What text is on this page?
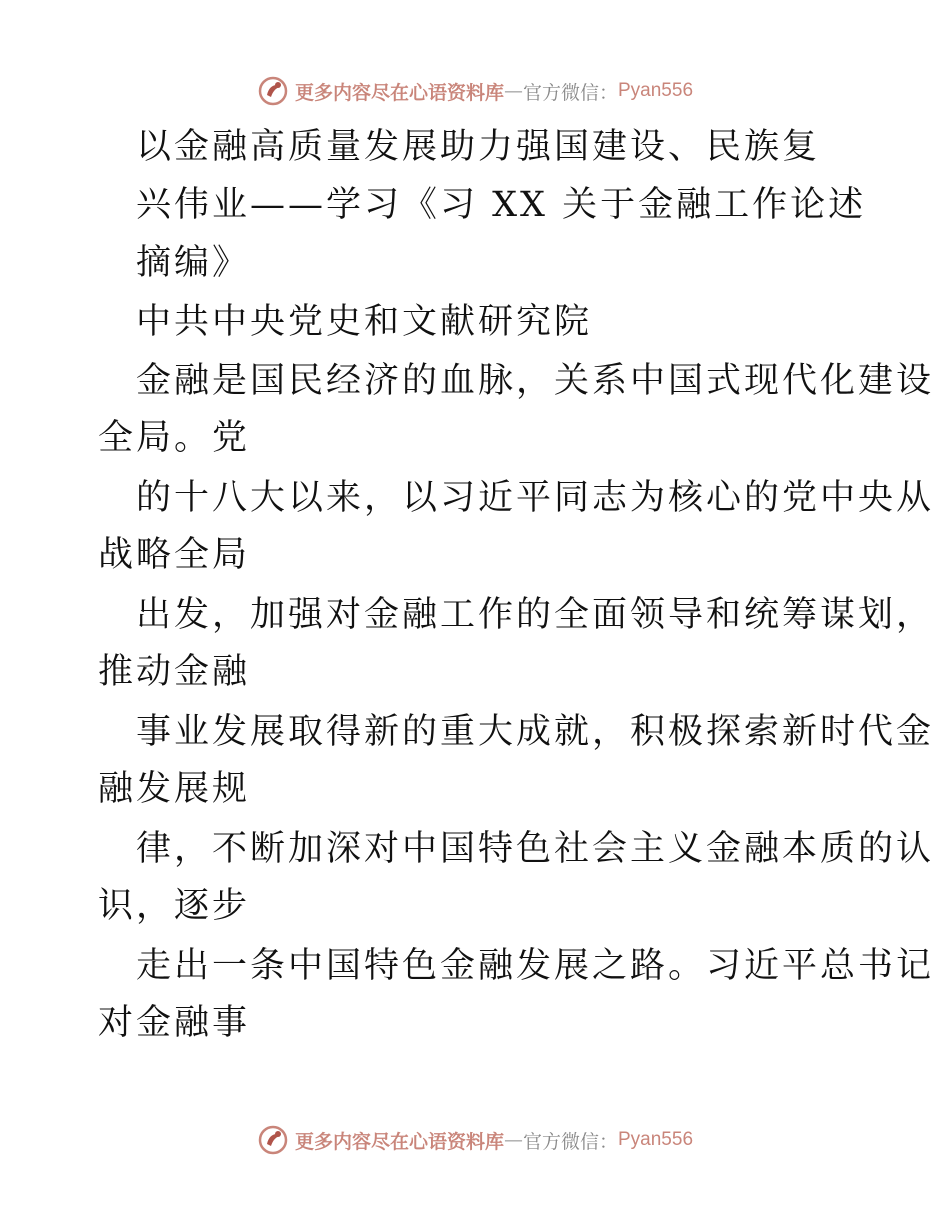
更多内容尽在心语资料库 — 官方微信： Pyan556
以金融高质量发展助力强国建设、民族复
兴伟业——学习《习 XX 关于金融工作论述
摘编》
中共中央党史和文献研究院
金融是国民经济的血脉，关系中国式现代化建设
全局。党
的十八大以来，以习近平同志为核心的党中央从
战略全局
出发，加强对金融工作的全面领导和统筹谋划，
推动金融
事业发展取得新的重大成就，积极探索新时代金
融发展规
律，不断加深对中国特色社会主义金融本质的认
识，逐步
走出一条中国特色金融发展之路。习近平总书记
对金融事
更多内容尽在心语资料库 — 官方微信： Pyan556
